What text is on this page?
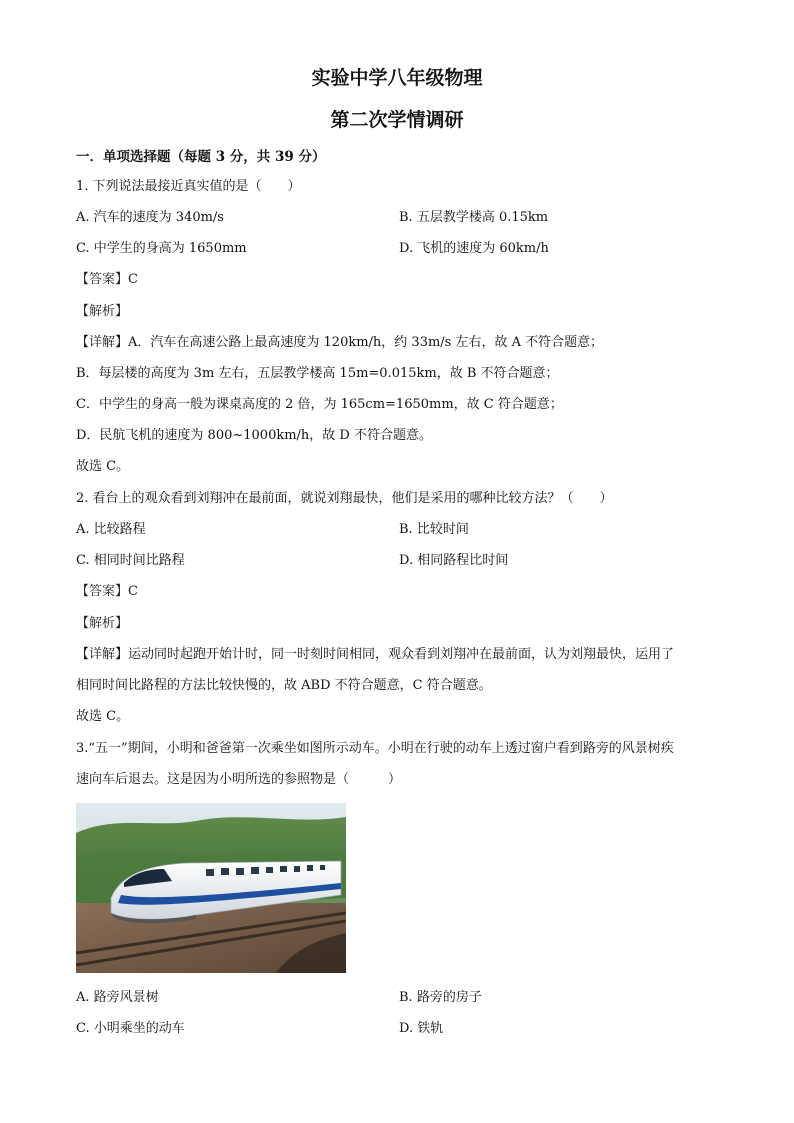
实验中学八年级物理
第二次学情调研
一．单项选择题（每题 3 分，共 39 分）
1. 下列说法最接近真实值的是（　　）
A. 汽车的速度为 340m/s	B. 五层教学楼高 0.15km
C. 中学生的身高为 1650mm	D. 飞机的速度为 60km/h
【答案】C
【解析】
【详解】A．汽车在高速公路上最高速度为 120km/h，约 33m/s 左右，故 A 不符合题意；
B．每层楼的高度为 3m 左右，五层教学楼高 15m=0.015km，故 B 不符合题意；
C．中学生的身高一般为课桌高度的 2 倍，为 165cm=1650mm，故 C 符合题意；
D．民航飞机的速度为 800~1000km/h，故 D 不符合题意。
故选 C。
2. 看台上的观众看到刘翔冲在最前面，就说刘翔最快，他们是采用的哪种比较方法？（　　）
A. 比较路程	B. 比较时间
C. 相同时间比路程	D. 相同路程比时间
【答案】C
【解析】
【详解】运动同时起跑开始计时，同一时刻时间相同，观众看到刘翔冲在最前面，认为刘翔最快，运用了
相同时间比路程的方法比较快慢的，故 ABD 不符合题意，C 符合题意。
故选 C。
3.“五一”期间，小明和爸爸第一次乘坐如图所示动车。小明在行驶的动车上透过窗户看到路旁的风景树疾
速向车后退去。这是因为小明所选的参照物是（　　　）
A. 路旁风景树	B. 路旁的房子
C. 小明乘坐的动车	D. 铁轨
